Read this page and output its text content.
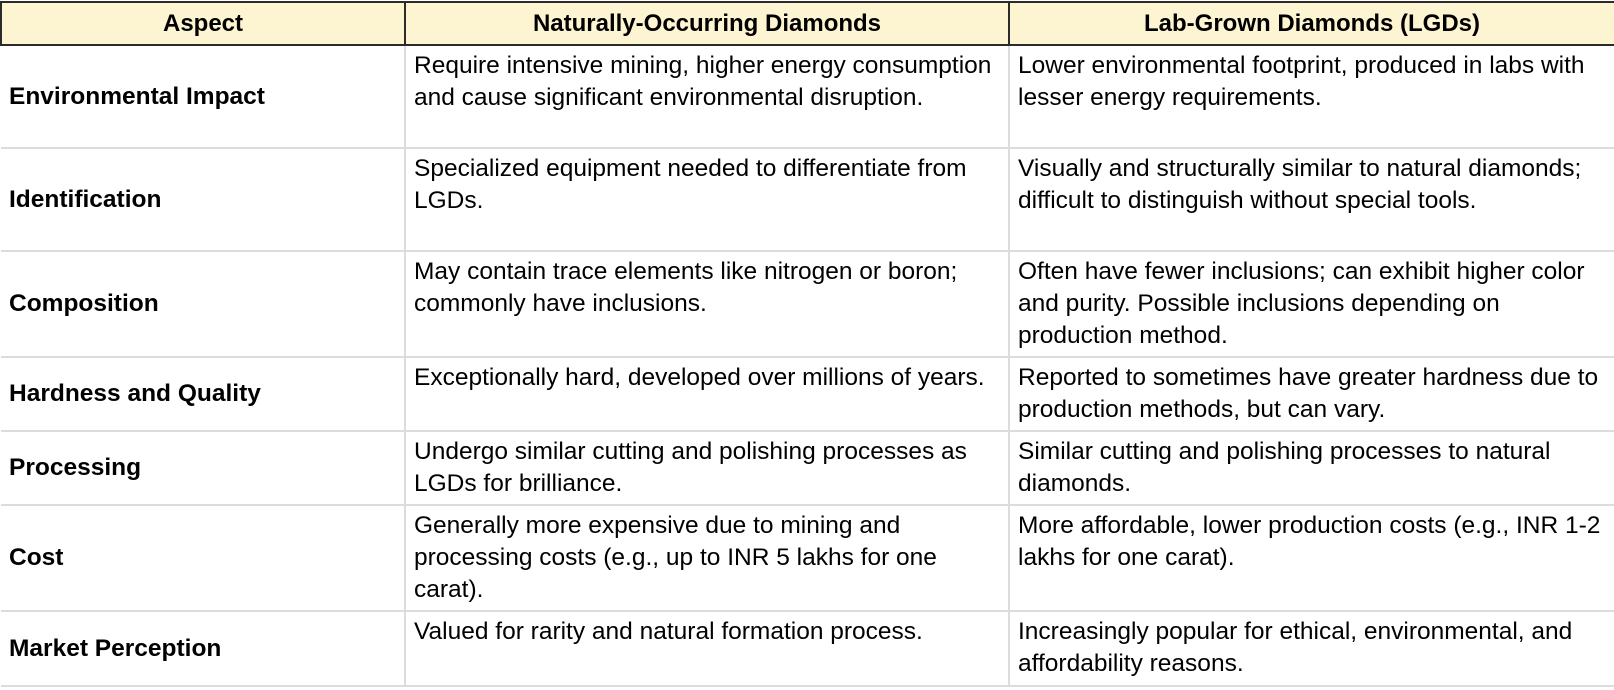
Aspect	Naturally-Occurring Diamonds	Lab-Grown Diamonds (LGDs)
Environmental Impact	Require intensive mining, higher energy consumption and cause significant environmental disruption.	Lower environmental footprint, produced in labs with lesser energy requirements.
Identification	Specialized equipment needed to differentiate from LGDs.	Visually and structurally similar to natural diamonds; difficult to distinguish without special tools.
Composition	May contain trace elements like nitrogen or boron; commonly have inclusions.	Often have fewer inclusions; can exhibit higher color and purity. Possible inclusions depending on production method.
Hardness and Quality	Exceptionally hard, developed over millions of years.	Reported to sometimes have greater hardness due to production methods, but can vary.
Processing	Undergo similar cutting and polishing processes as LGDs for brilliance.	Similar cutting and polishing processes to natural diamonds.
Cost	Generally more expensive due to mining and processing costs (e.g., up to INR 5 lakhs for one carat).	More affordable, lower production costs (e.g., INR 1-2 lakhs for one carat).
Market Perception	Valued for rarity and natural formation process.	Increasingly popular for ethical, environmental, and affordability reasons.
